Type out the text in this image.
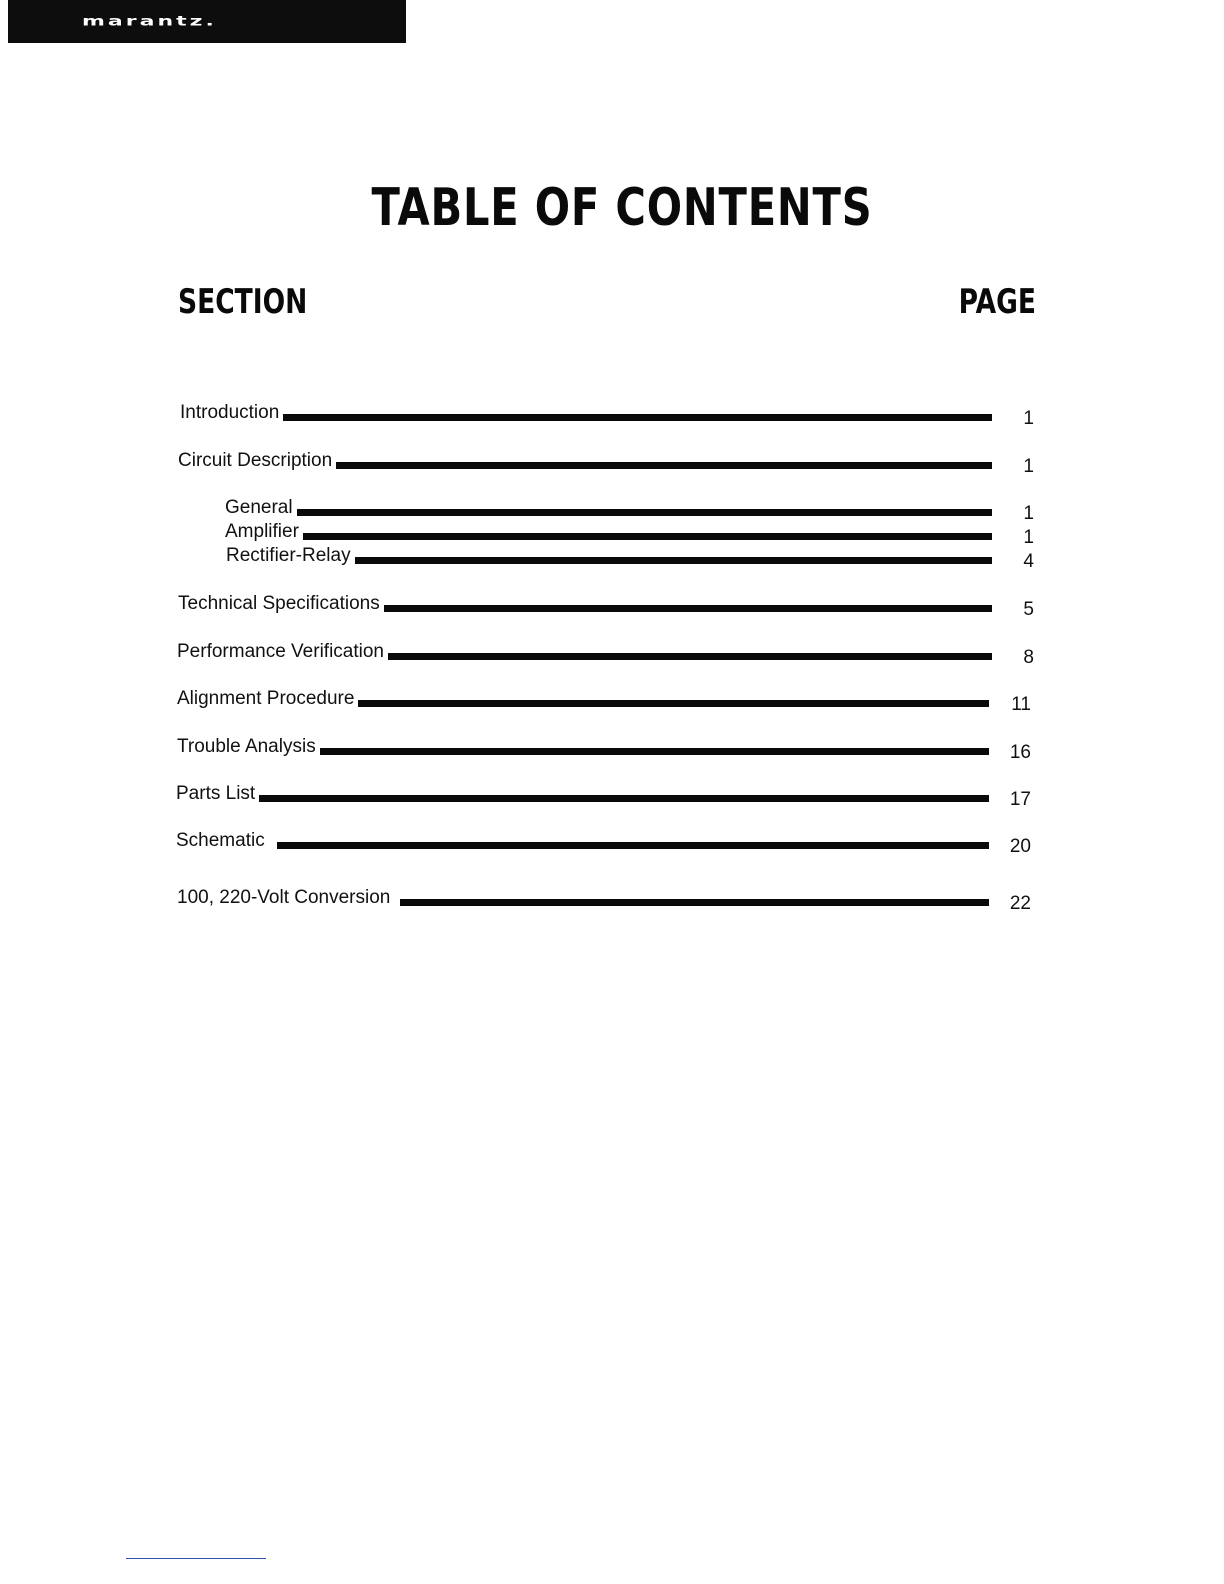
marantz.
TABLE OF CONTENTS
SECTION	PAGE
Introduction	1
Circuit Description	1
General	1
Amplifier	1
Rectifier-Relay	4
Technical Specifications	5
Performance Verification	8
Alignment Procedure	11
Trouble Analysis	16
Parts List	17
Schematic	20
100, 220-Volt Conversion	22
